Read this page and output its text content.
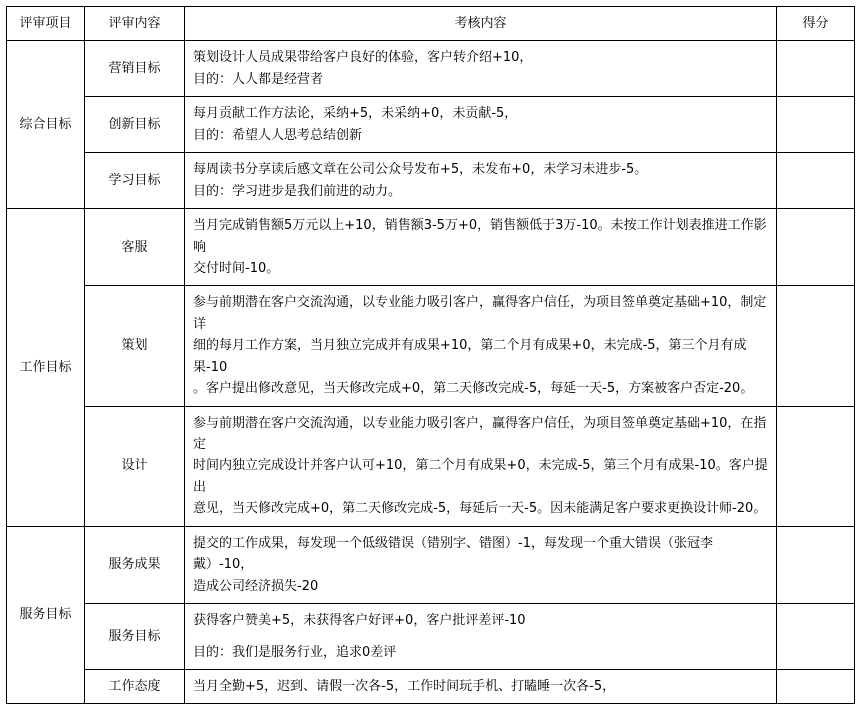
评审项目	评审内容	考核内容	得分
综合目标	营销目标	策划设计人员成果带给客户良好的体验，客户转介绍+10，
目的：人人都是经营者	

	创新目标	每月贡献工作方法论，采纳+5，未采纳+0，未贡献-5，
目的：希望人人思考总结创新	

	学习目标	每周读书分享读后感文章在公司公众号发布+5，未发布+0，未学习未进步-5。
目的：学习进步是我们前进的动力。	

工作目标	客服	当月完成销售额5万元以上+10，销售额3-5万+0，销售额低于3万-10。未按工作计划表推进工作影响
交付时间-10。	

	策划	参与前期潜在客户交流沟通，以专业能力吸引客户，赢得客户信任，为项目签单奠定基础+10，制定详
细的每月工作方案，当月独立完成并有成果+10，第二个月有成果+0，未完成-5，第三个月有成果-10
。客户提出修改意见，当天修改完成+0，第二天修改完成-5，每延一天-5，方案被客户否定-20。	

	设计	参与前期潜在客户交流沟通，以专业能力吸引客户，赢得客户信任，为项目签单奠定基础+10，在指定
时间内独立完成设计并客户认可+10，第二个月有成果+0，未完成-5，第三个月有成果-10。客户提出
意见，当天修改完成+0，第二天修改完成-5，每延后一天-5。因未能满足客户要求更换设计师-20。	

服务目标	服务成果	提交的工作成果，每发现一个低级错误（错别字、错图）-1，每发现一个重大错误（张冠李戴）-10，
造成公司经济损失-20	

	服务目标	获得客户赞美+5，未获得客户好评+0，客户批评差评-10
目的：我们是服务行业，追求0差评	

	工作态度	当月全勤+5，迟到、请假一次各-5，工作时间玩手机、打瞌睡一次各-5，	
